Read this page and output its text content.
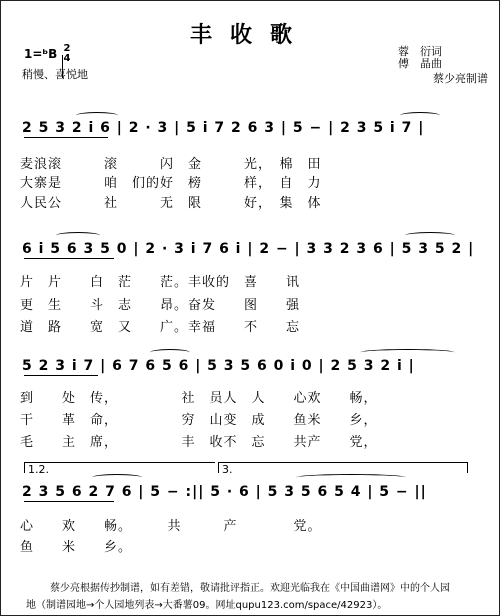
丰收歌
1=ᵇB 2
4
稍慢、喜悦地
蓉　衍词
傅　晶曲
蔡少亮制谱
2 5 3 2 i 6 | 2 · 3 | 5 i 7 2 6 3 | 5 − | 2 3 5 i 7 |
麦浪滚　　　滚　　　闪　金　　　光，　棉　田
大寨是　　　咱　们的好　榜　　　样，　自　力
人民公　　　社　　　无　限　　　好，　集　体
6 i 5 6 3 5 0 | 2 · 3 i 7 6 i | 2 − | 3 3 2 3 6 | 5 3 5 2 |
片　片　　白　茫　　茫。丰收的　喜　　讯
更　生　　斗　志　　昂。奋发　　图　　强
道　路　　宽　又　　广。幸福　　不　　忘
5 2 3 i 7 | 6 7 6 5 6 | 5 3 5 6 0 i 0 | 2 5 3 2 i |
到　　处　传，　　　　　社　员人　人　　心欢　　畅，
干　　革　命，　　　　　穷　山变　成　　鱼米　　乡，
毛　　主　席，　　　　　丰　收不　忘　　共产　　党，
1.2.	3.
2 3 5 6 2 7 6 | 5 − :|| 5 · 6 | 5 3 5 6 5 4 | 5 − ||
心　　欢　　畅。　　　共　　　产　　　　党。
鱼　　米　　乡。
蔡少亮根据传抄制谱，如有差错，敬请批评指正。欢迎光临我在《中国曲谱网》中的个人园
地（制谱园地→个人园地列表→大番薯09。网址qupu123.com/space/42923）。
